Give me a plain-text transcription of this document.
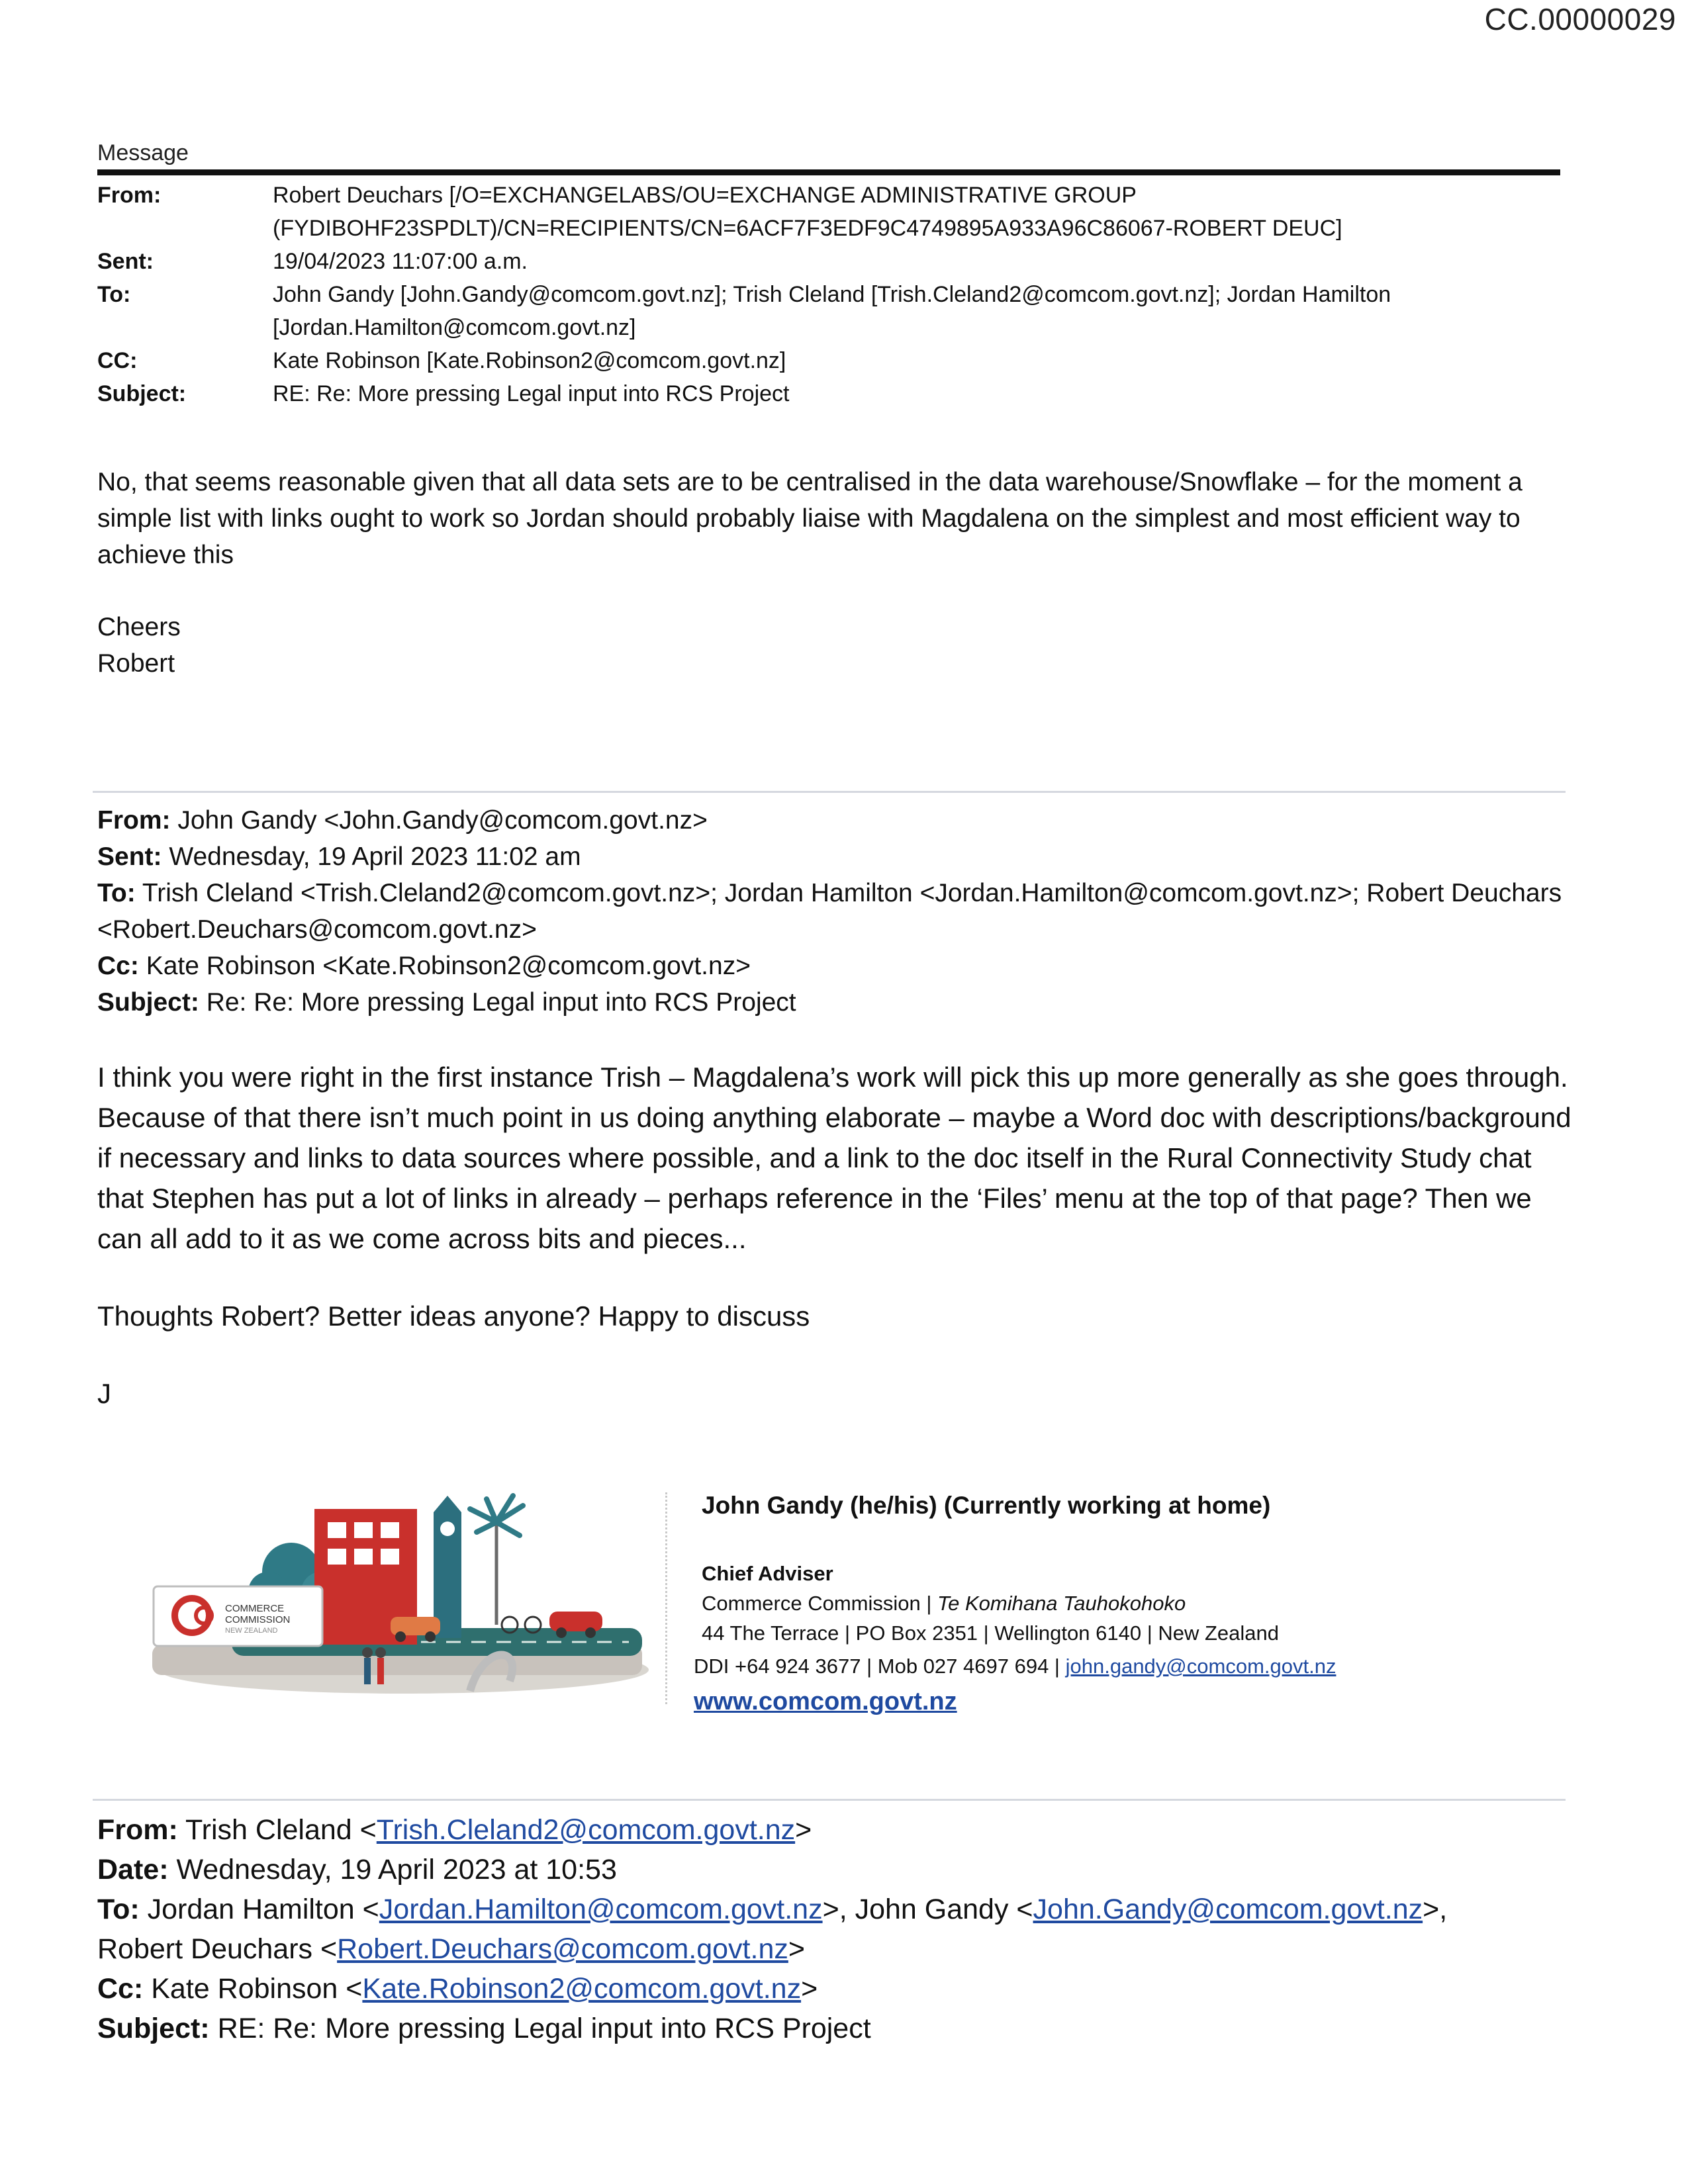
CC.00000029
Message
From:	Robert Deuchars [/O=EXCHANGELABS/OU=EXCHANGE ADMINISTRATIVE GROUP (FYDIBOHF23SPDLT)/CN=RECIPIENTS/CN=6ACF7F3EDF9C4749895A933A96C86067-ROBERT DEUC]
Sent:	19/04/2023 11:07:00 a.m.
To:	John Gandy [John.Gandy@comcom.govt.nz]; Trish Cleland [Trish.Cleland2@comcom.govt.nz]; Jordan Hamilton [Jordan.Hamilton@comcom.govt.nz]
CC:	Kate Robinson [Kate.Robinson2@comcom.govt.nz]
Subject:	RE: Re: More pressing Legal input into RCS Project
No, that seems reasonable given that all data sets are to be centralised in the data warehouse/Snowflake – for the moment a simple list with links ought to work so Jordan should probably liaise with Magdalena on the simplest and most efficient way to achieve this
Cheers
Robert
From: John Gandy <John.Gandy@comcom.govt.nz>
Sent: Wednesday, 19 April 2023 11:02 am
To: Trish Cleland <Trish.Cleland2@comcom.govt.nz>; Jordan Hamilton <Jordan.Hamilton@comcom.govt.nz>; Robert Deuchars <Robert.Deuchars@comcom.govt.nz>
Cc: Kate Robinson <Kate.Robinson2@comcom.govt.nz>
Subject: Re: Re: More pressing Legal input into RCS Project
I think you were right in the first instance Trish – Magdalena’s work will pick this up more generally as she goes through. Because of that there isn’t much point in us doing anything elaborate – maybe a Word doc with descriptions/background if necessary and links to data sources where possible, and a link to the doc itself in the Rural Connectivity Study chat that Stephen has put a lot of links in already – perhaps reference in the ‘Files’ menu at the top of that page? Then we can all add to it as we come across bits and pieces...
Thoughts Robert? Better ideas anyone? Happy to discuss
J
COMMERCE
COMMISSION
NEW ZEALAND
John Gandy (he/his) (Currently working at home)
Chief Adviser
Commerce Commission | Te Komihana Tauhokohoko
44 The Terrace | PO Box 2351 | Wellington 6140 | New Zealand
DDI +64 924 3677 | Mob 027 4697 694 | john.gandy@comcom.govt.nz
www.comcom.govt.nz
From: Trish Cleland <Trish.Cleland2@comcom.govt.nz>
Date: Wednesday, 19 April 2023 at 10:53
To: Jordan Hamilton <Jordan.Hamilton@comcom.govt.nz>, John Gandy <John.Gandy@comcom.govt.nz>,
Robert Deuchars <Robert.Deuchars@comcom.govt.nz>
Cc: Kate Robinson <Kate.Robinson2@comcom.govt.nz>
Subject: RE: Re: More pressing Legal input into RCS Project
